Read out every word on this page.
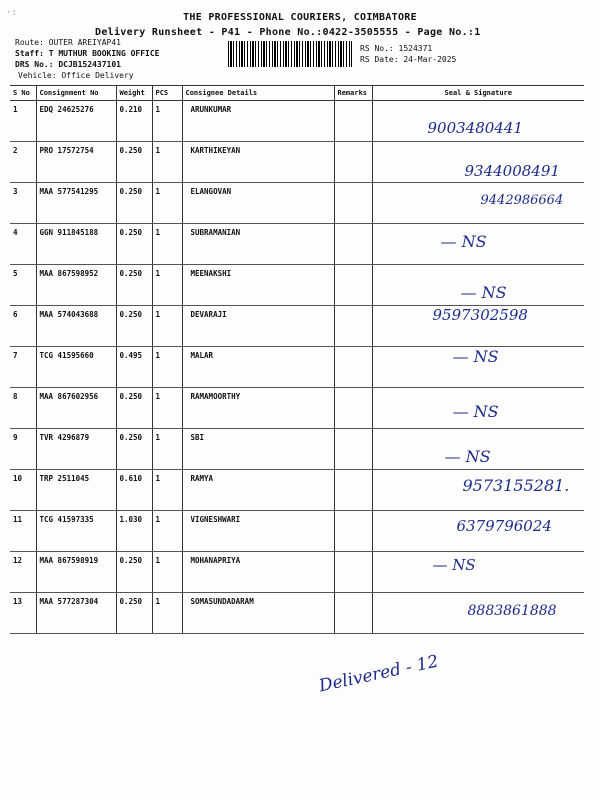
·:	THE PROFESSIONAL COURIERS, COIMBATORE
Delivery Runsheet - P41 - Phone No.:0422-3505555 - Page No.:1
Route: OUTER AREIYAP41
Staff: T MUTHUR BOOKING OFFICE
DRS No.: DCJB152437101
Vehicle: Office Delivery
RS No.: 1524371
RS Date: 24-Mar-2025
S No	Consignment No	Weight	PCS	Consignee Details	Remarks	Seal & Signature
1	EDQ 24625276	0.210	1	ARUNKUMAR		9003480441

2	PRO 17572754	0.250	1	KARTHIKEYAN		9344008491

3	MAA 577541295	0.250	1	ELANGOVAN		9442986664

4	GGN 911845188	0.250	1	SUBRAMANIAN		— NS

5	MAA 867598952	0.250	1	MEENAKSHI		— NS

6	MAA 574043688	0.250	1	DEVARAJI		9597302598

7	TCG 41595660	0.495	1	MALAR		— NS

8	MAA 867602956	0.250	1	RAMAMOORTHY		— NS

9	TVR 4296879	0.250	1	SBI		— NS

10	TRP 2511045	0.610	1	RAMYA		9573155281.

11	TCG 41597335	1.030	1	VIGNESHWARI		6379796024

12	MAA 867598919	0.250	1	MOHANAPRIYA		— NS

13	MAA 577287304	0.250	1	SOMASUNDADARAM		8883861888
Delivered - 12
